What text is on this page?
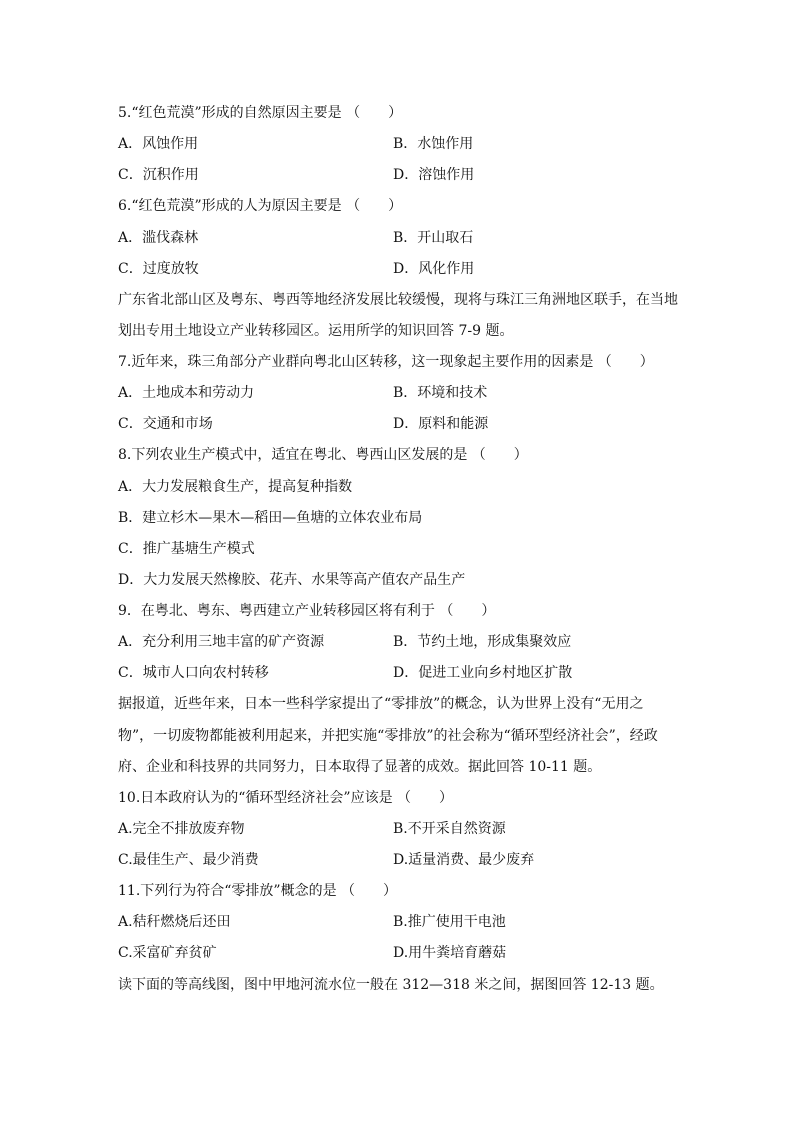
5.“红色荒漠”形成的自然原因主要是 （　　）
A．风蚀作用	B．水蚀作用
C．沉积作用	D．溶蚀作用
6.“红色荒漠”形成的人为原因主要是 （　　）
A．滥伐森林	B．开山取石
C．过度放牧	D．风化作用
广东省北部山区及粤东、粤西等地经济发展比较缓慢，现将与珠江三角洲地区联手，在当地
划出专用土地设立产业转移园区。运用所学的知识回答 7-9 题。
7.近年来，珠三角部分产业群向粤北山区转移，这一现象起主要作用的因素是 （　　）
A．土地成本和劳动力	B．环境和技术
C．交通和市场	D．原料和能源
8.下列农业生产模式中，适宜在粤北、粤西山区发展的是 （　　）
A．大力发展粮食生产，提高复种指数
B．建立杉木—果木—稻田—鱼塘的立体农业布局
C．推广基塘生产模式
D．大力发展天然橡胶、花卉、水果等高产值农产品生产
9．在粤北、粤东、粤西建立产业转移园区将有利于 （　　）
A．充分利用三地丰富的矿产资源	B．节约土地，形成集聚效应
C．城市人口向农村转移	D．促进工业向乡村地区扩散
据报道，近些年来，日本一些科学家提出了“零排放”的概念，认为世界上没有“无用之
物”，一切废物都能被利用起来，并把实施“零排放”的社会称为“循环型经济社会”，经政
府、企业和科技界的共同努力，日本取得了显著的成效。据此回答 10-11 题。
10.日本政府认为的“循环型经济社会”应该是 （　　）
A.完全不排放废弃物	B.不开采自然资源
C.最佳生产、最少消费	D.适量消费、最少废弃
11.下列行为符合“零排放”概念的是 （　　）
A.秸秆燃烧后还田	B.推广使用干电池
C.采富矿弃贫矿	D.用牛粪培育蘑菇
读下面的等高线图，图中甲地河流水位一般在 312—318 米之间，据图回答 12-13 题。
